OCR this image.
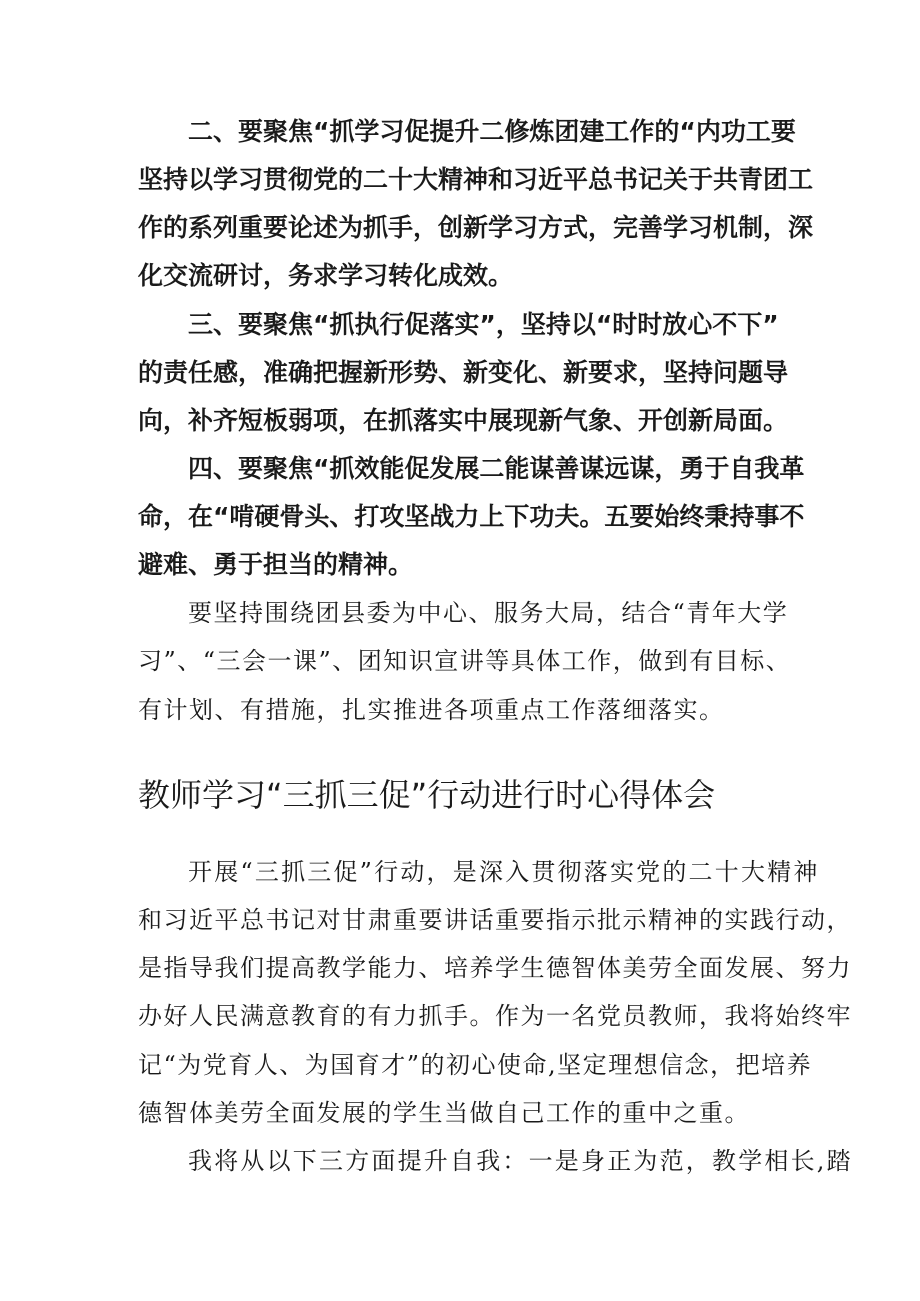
二、要聚焦“抓学习促提升二修炼团建工作的“内功工要
坚持以学习贯彻党的二十大精神和习近平总书记关于共青团工
作的系列重要论述为抓手，创新学习方式，完善学习机制，深
化交流研讨，务求学习转化成效。
三、要聚焦“抓执行促落实”，坚持以“时时放心不下”
的责任感，准确把握新形势、新变化、新要求，坚持问题导
向，补齐短板弱项，在抓落实中展现新气象、开创新局面。
四、要聚焦“抓效能促发展二能谋善谋远谋，勇于自我革
命，在“啃硬骨头、打攻坚战力上下功夫。五要始终秉持事不
避难、勇于担当的精神。
要坚持围绕团县委为中心、服务大局，结合“青年大学
习”、“三会一课”、团知识宣讲等具体工作，做到有目标、
有计划、有措施，扎实推进各项重点工作落细落实。
教师学习“三抓三促”行动进行时心得体会
开展“三抓三促”行动，是深入贯彻落实党的二十大精神
和习近平总书记对甘肃重要讲话重要指示批示精神的实践行动，
是指导我们提高教学能力、培养学生德智体美劳全面发展、努力
办好人民满意教育的有力抓手。作为一名党员教师，我将始终牢
记“为党育人、为国育才”的初心使命,坚定理想信念，把培养
德智体美劳全面发展的学生当做自己工作的重中之重。
我将从以下三方面提升自我：一是身正为范，教学相长,踏
